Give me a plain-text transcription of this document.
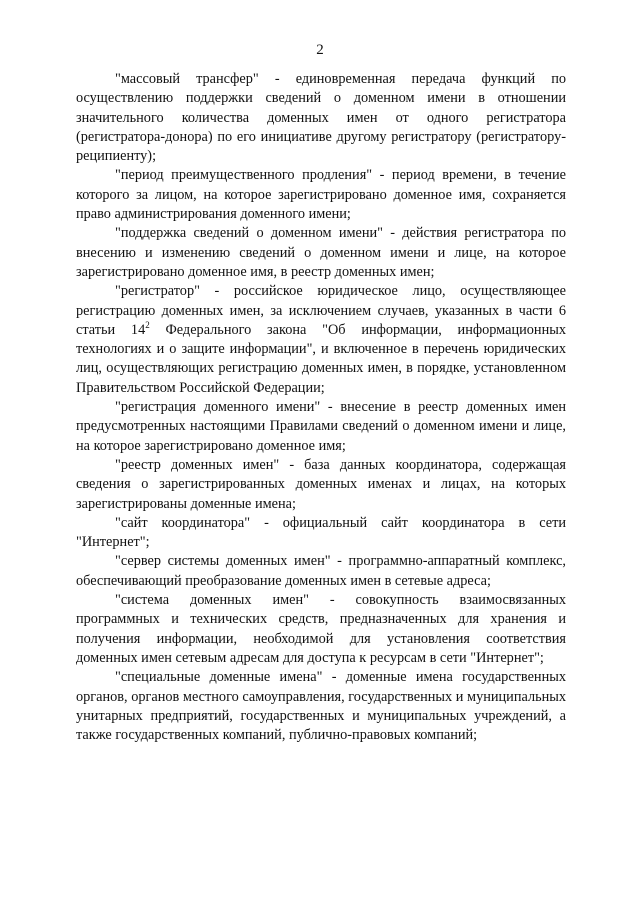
2

"массовый трансфер" - единовременная передача функций по осуществлению поддержки сведений о доменном имени в отношении значительного количества доменных имен от одного регистратора (регистратора-донора) по его инициативе другому регистратору (регистратору-реципиенту);

"период преимущественного продления" - период времени, в течение которого за лицом, на которое зарегистрировано доменное имя, сохраняется право администрирования доменного имени;

"поддержка сведений о доменном имени" - действия регистратора по внесению и изменению сведений о доменном имени и лице, на которое зарегистрировано доменное имя, в реестр доменных имен;

"регистратор" - российское юридическое лицо, осуществляющее регистрацию доменных имен, за исключением случаев, указанных в части 6 статьи $14^2$ Федерального закона "Об информации, информационных технологиях и о защите информации", и включенное в перечень юридических лиц, осуществляющих регистрацию доменных имен, в порядке, установленном Правительством Российской Федерации;

"регистрация доменного имени" - внесение в реестр доменных имен предусмотренных настоящими Правилами сведений о доменном имени и лице, на которое зарегистрировано доменное имя;

"реестр доменных имен" - база данных координатора, содержащая сведения о зарегистрированных доменных именах и лицах, на которых зарегистрированы доменные имена;

"сайт координатора" - официальный сайт координатора в сети "Интернет";

"сервер системы доменных имен" - программно-аппаратный комплекс, обеспечивающий преобразование доменных имен в сетевые адреса;

"система доменных имен" - совокупность взаимосвязанных программных и технических средств, предназначенных для хранения и получения информации, необходимой для установления соответствия доменных имен сетевым адресам для доступа к ресурсам в сети "Интернет";

"специальные доменные имена" - доменные имена государственных органов, органов местного самоуправления, государственных и муниципальных унитарных предприятий, государственных и муниципальных учреждений, а также государственных компаний, публично-правовых компаний;
